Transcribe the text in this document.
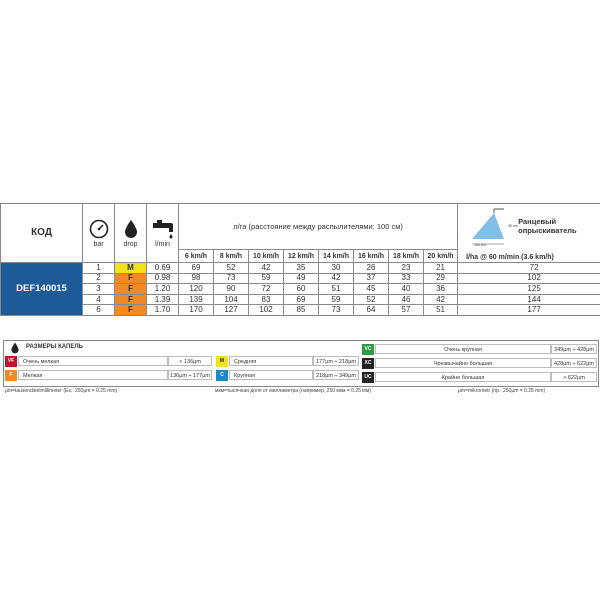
КОД	bar	drop	l/min	л/га (расстояние между распылителями: 100 см)								30 cm
100 cm
Ранцевый
опрыскиватель
l/ha @ 60 m/min (3.6 km/h)

				6 km/h	8 km/h	10 km/h	12 km/h	14 km/h	16 km/h	18 km/h	20 km/h	
DEF140015	1	M	0.69	69	52	42	35	30	26	23	21	72
	2	F	0.98	98	73	59	49	42	37	33	29	102
	3	F	1.20	120	90	72	60	51	45	40	36	125
	4	F	1.39	139	104	83	69	59	52	46	42	144
	6	F	1.70	170	127	102	85	73	64	57	51	177
РАЗМЕРЫ КАПЕЛЬ
VF	Очень мелкая	< 136µm
F	Мелкая	136µm ÷ 177µm
M	Средняя	177µm ÷ 218µm
C	Крупная	218µm ÷ 349µm
VC	Очень крупная	349µm ÷ 428µm
XC	Чрезвычайно большая	428µm ÷ 622µm
UC	Крайне большая	> 622µm
µm=tausendstelmillimeter (Es.: 250µm = 0.25 mm)	мкм=тысячная доля от миллиметра (например, 250 мкм = 0.25 мм)	µm=mikrometr (np.: 250µm = 0.25 mm)
